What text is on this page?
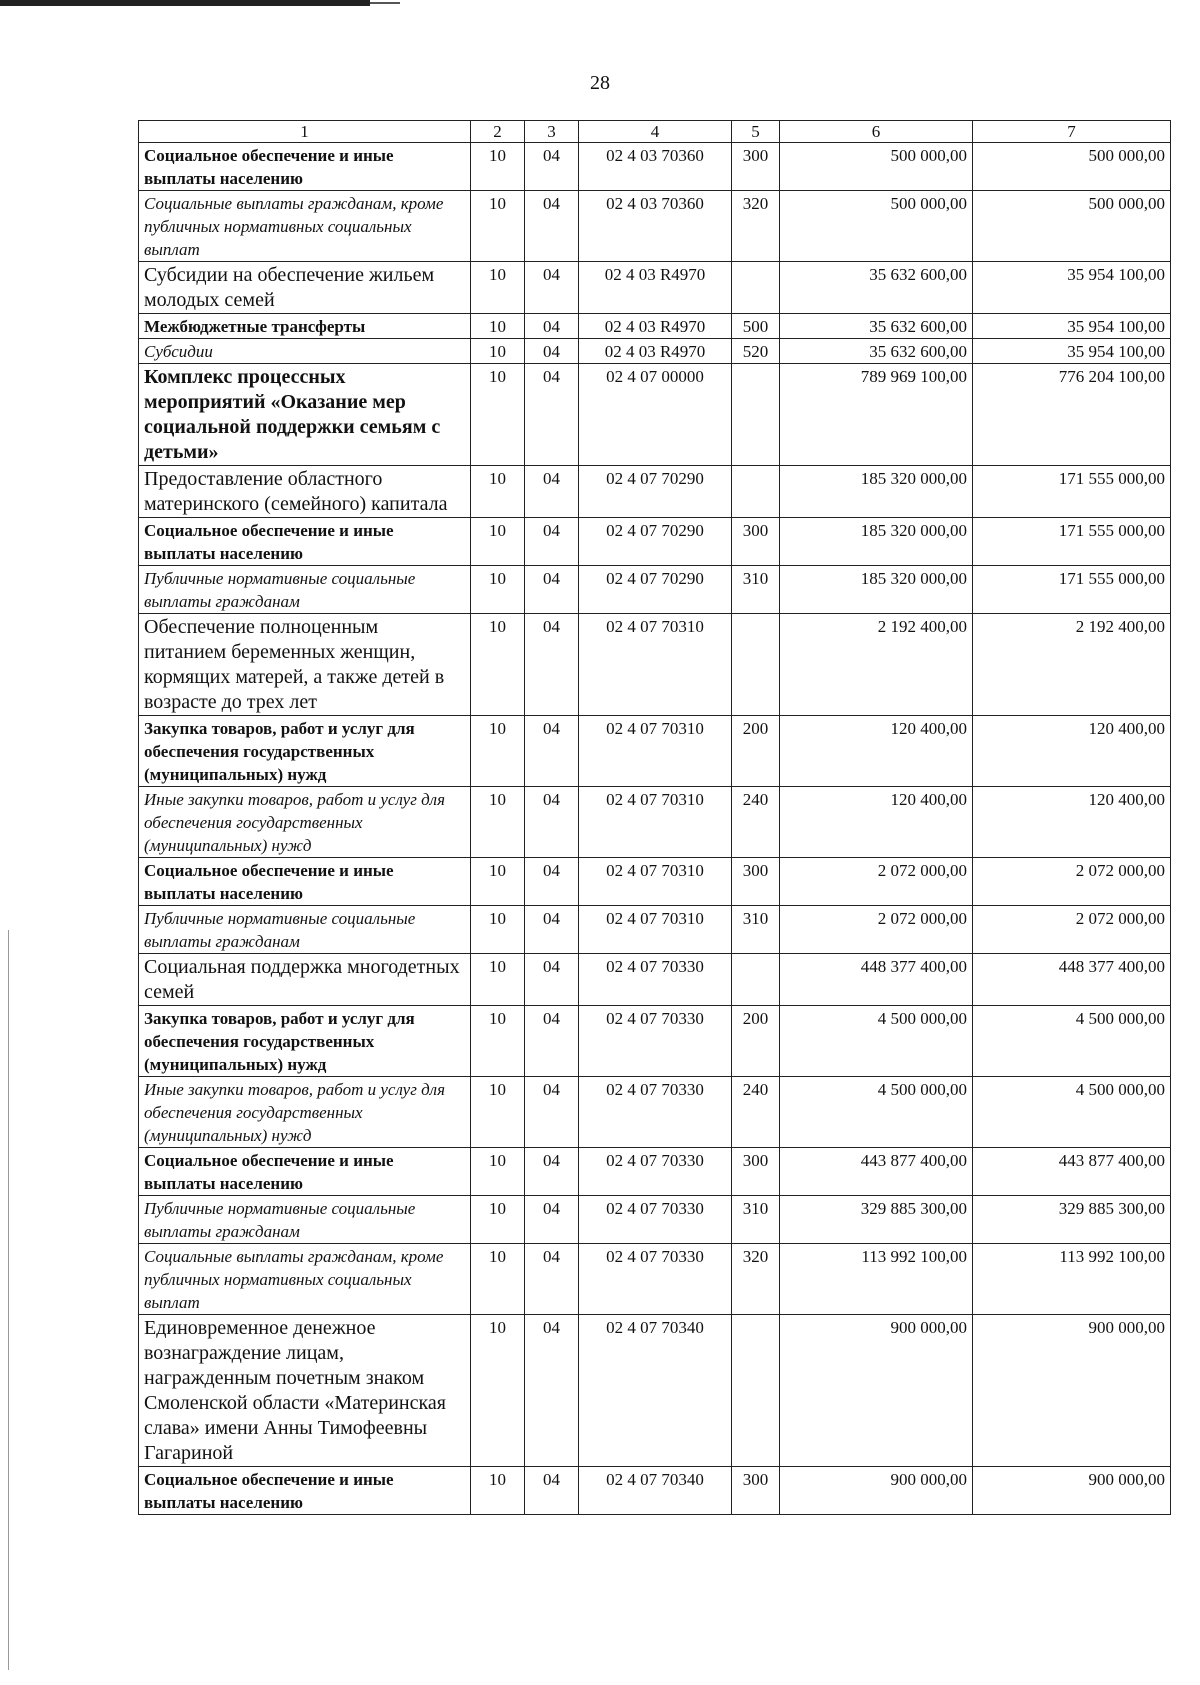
28
1	2	3	4	5	6	7
Социальное обеспечение и иные выплаты населению	10	04	02 4 03 70360	300	500 000,00	500 000,00
Социальные выплаты гражданам, кроме публичных нормативных социальных выплат	10	04	02 4 03 70360	320	500 000,00	500 000,00
Субсидии на обеспечение жильем молодых семей	10	04	02 4 03 R4970		35 632 600,00	35 954 100,00
Межбюджетные трансферты	10	04	02 4 03 R4970	500	35 632 600,00	35 954 100,00
Субсидии	10	04	02 4 03 R4970	520	35 632 600,00	35 954 100,00
Комплекс процессных мероприятий «Оказание мер социальной поддержки семьям с детьми»	10	04	02 4 07 00000		789 969 100,00	776 204 100,00
Предоставление областного материнского (семейного) капитала	10	04	02 4 07 70290		185 320 000,00	171 555 000,00
Социальное обеспечение и иные выплаты населению	10	04	02 4 07 70290	300	185 320 000,00	171 555 000,00
Публичные нормативные социальные выплаты гражданам	10	04	02 4 07 70290	310	185 320 000,00	171 555 000,00
Обеспечение полноценным питанием беременных женщин, кормящих матерей, а также детей в возрасте до трех лет	10	04	02 4 07 70310		2 192 400,00	2 192 400,00
Закупка товаров, работ и услуг для обеспечения государственных (муниципальных) нужд	10	04	02 4 07 70310	200	120 400,00	120 400,00
Иные закупки товаров, работ и услуг для обеспечения государственных (муниципальных) нужд	10	04	02 4 07 70310	240	120 400,00	120 400,00
Социальное обеспечение и иные выплаты населению	10	04	02 4 07 70310	300	2 072 000,00	2 072 000,00
Публичные нормативные социальные выплаты гражданам	10	04	02 4 07 70310	310	2 072 000,00	2 072 000,00
Социальная поддержка многодетных семей	10	04	02 4 07 70330		448 377 400,00	448 377 400,00
Закупка товаров, работ и услуг для обеспечения государственных (муниципальных) нужд	10	04	02 4 07 70330	200	4 500 000,00	4 500 000,00
Иные закупки товаров, работ и услуг для обеспечения государственных (муниципальных) нужд	10	04	02 4 07 70330	240	4 500 000,00	4 500 000,00
Социальное обеспечение и иные выплаты населению	10	04	02 4 07 70330	300	443 877 400,00	443 877 400,00
Публичные нормативные социальные выплаты гражданам	10	04	02 4 07 70330	310	329 885 300,00	329 885 300,00
Социальные выплаты гражданам, кроме публичных нормативных социальных выплат	10	04	02 4 07 70330	320	113 992 100,00	113 992 100,00
Единовременное денежное вознаграждение лицам, награжденным почетным знаком Смоленской области «Материнская слава» имени Анны Тимофеевны Гагариной	10	04	02 4 07 70340		900 000,00	900 000,00
Социальное обеспечение и иные выплаты населению	10	04	02 4 07 70340	300	900 000,00	900 000,00
